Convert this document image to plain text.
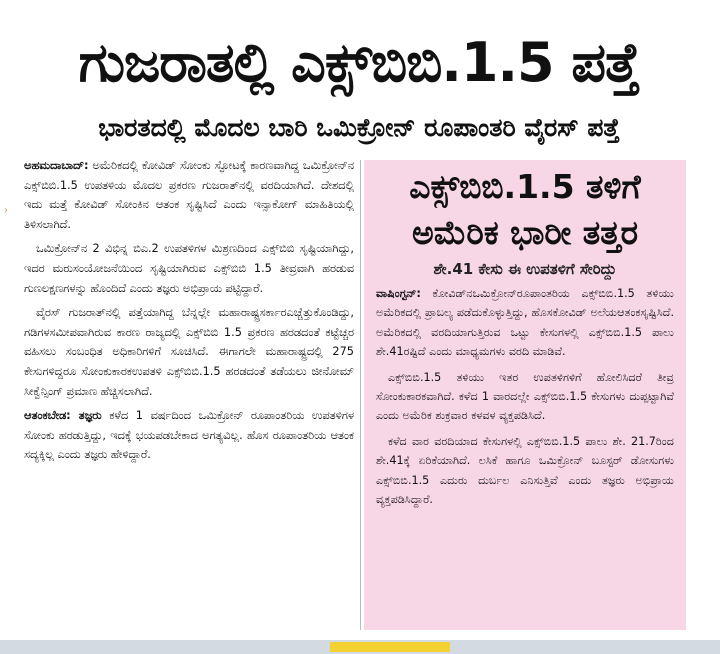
›
ಗುಜರಾತಲ್ಲಿ ಎಕ್ಸ್‌ಬಿಬಿ.1.5 ಪತ್ತೆ
ಭಾರತದಲ್ಲಿ ಮೊದಲ ಬಾರಿ ಒಮಿಕ್ರೋನ್ ರೂಪಾಂತರಿ ವೈರಸ್ ಪತ್ತೆ

ಅಹಮದಾಬಾದ್: ಅಮೆರಿಕದಲ್ಲಿ ಕೋವಿಡ್ ಸೋಂಕು ಸ್ಫೋಟಕ್ಕೆ ಕಾರಣವಾಗಿದ್ದ ಒಮಿಕ್ರೋನ್‌ನ ಎಕ್ಸ್‌ಬಿಬಿ.1.5 ಉಪತಳಿಯ ಮೊದಲ ಪ್ರಕರಣ ಗುಜರಾತ್‌ನಲ್ಲಿ ವರದಿಯಾಗಿದೆ. ದೇಶದಲ್ಲಿ ಇದು ಮತ್ತೆ ಕೋವಿಡ್ ಸೋಂಕಿನ ಆತಂಕ ಸೃಷ್ಟಿಸಿದೆ ಎಂದು ಇನ್ಸಾಕೋಗ್ ಮಾಹಿತಿಯಲ್ಲಿ ತಿಳಿಸಲಾಗಿದೆ.

ಒಮಿಕ್ರೋನ್‌ನ 2 ವಿಭಿನ್ನ ಬಿಎ.2 ಉಪತಳಿಗಳ ಮಿಶ್ರಣದಿಂದ ಎಕ್ಸ್‌ಬಿಬಿ ಸೃಷ್ಟಿಯಾಗಿದ್ದು, ಇದರ ಮರುಸಂಯೋಜನೆಯಿಂದ ಸೃಷ್ಟಿಯಾಗಿರುವ ಎಕ್ಸ್‌ಬಿಬಿ 1.5 ತೀವ್ರವಾಗಿ ಹರಡುವ ಗುಣಲಕ್ಷಣಗಳನ್ನು ಹೊಂದಿದೆ ಎಂದು ತಜ್ಞರು ಅಭಿಪ್ರಾಯ ಪಟ್ಟಿದ್ದಾರೆ.

ವೈರಸ್ ಗುಜರಾತ್‌ನಲ್ಲಿ ಪತ್ತೆಯಾಗಿದ್ದ ಬೆನ್ನಲ್ಲೇ ಮಹಾರಾಷ್ಟ್ರಸರ್ಕಾರಎಚ್ಚೆತ್ತುಕೊಂಡಿದ್ದು, ಗಡಿಗಳಸಮೀಪವಾಗಿರುವ ಕಾರಣ ರಾಜ್ಯದಲ್ಲಿ ಎಕ್ಸ್‌ಬಿಬಿ 1.5 ಪ್ರಕರಣ ಹರಡದಂತೆ ಕಟ್ಟೆಚ್ಚರ ವಹಿಸಲು ಸಂಬಂಧಿತ ಅಧಿಕಾರಿಗಳಿಗೆ ಸೂಚಿಸಿದೆ. ಈಗಾಗಲೇ ಮಹಾರಾಷ್ಟ್ರದಲ್ಲಿ 275 ಕೇಸುಗಳಿದ್ದರೂ ಸೋಂಕುಕಾರಕಉಪತಳಿ ಎಕ್ಸ್‌ಬಿಬಿ.1.5 ಹರಡದಂತೆ ತಡೆಯಲು ಜೀನೋಮ್ ಸೀಕ್ವೆನ್ಸಿಂಗ್ ಪ್ರಮಾಣ ಹೆಚ್ಚಿಸಲಾಗಿದೆ.

ಆತಂಕಬೇಡ: ತಜ್ಞರು ಕಳೆದ 1 ವರ್ಷದಿಂದ ಒಮಿಕ್ರೋನ್ ರೂಪಾಂತರಿಯ ಉಪತಳಿಗಳ ಸೋಂಕು ಹರಡುತ್ತಿದ್ದು, ಇದಕ್ಕೆ ಭಯಪಡಬೇಕಾದ ಅಗತ್ಯವಿಲ್ಲ. ಹೊಸ ರೂಪಾಂತರಿಯ ಆತಂಕ ಸದ್ಯಕ್ಕಿಲ್ಲ ಎಂದು ತಜ್ಞರು ಹೇಳಿದ್ದಾರೆ.

ಎಕ್ಸ್‌ಬಿಬಿ.1.5 ತಳಿಗೆ ಅಮೆರಿಕ ಭಾರೀ ತತ್ತರ
ಶೇ.41 ಕೇಸು ಈ ಉಪತಳಿಗೆ ಸೇರಿದ್ದು

ವಾಷಿಂಗ್ಟನ್: ಕೋವಿಡ್‌ನಒಮಿಕ್ರೋನ್‌ರೂಪಾಂತರಿಯ ಎಕ್ಸ್‌ಬಿಬಿ.1.5 ತಳಿಯು ಅಮೆರಿಕದಲ್ಲಿ ಪ್ರಾಬಲ್ಯ ಪಡೆದುಕೊಳ್ಳುತ್ತಿದ್ದು, ಹೊಸಕೋವಿಡ್ ಅಲೆಯಆತಂಕಸೃಷ್ಟಿಸಿದೆ. ಅಮೆರಿಕದಲ್ಲಿ ವರದಿಯಾಗುತ್ತಿರುವ ಒಟ್ಟು ಕೇಸುಗಳಲ್ಲಿ ಎಕ್ಸ್‌ಬಿಬಿ.1.5 ಪಾಲು ಶೇ.41ರಷ್ಟಿದೆ ಎಂದು ಮಾಧ್ಯಮಗಳು ವರದಿ ಮಾಡಿವೆ.

ಎಕ್ಸ್‌ಬಿಬಿ.1.5 ತಳಿಯು ಇತರ ಉಪತಳಿಗಳಿಗೆ ಹೋಲಿಸಿದರೆ ತೀವ್ರ ಸೋಂಕುಕಾರಕವಾಗಿದೆ. ಕಳೆದ 1 ವಾರದಲ್ಲೇ ಎಕ್ಸ್‌ಬಿಬಿ.1.5 ಕೇಸುಗಳು ದುಪ್ಪಟ್ಟಾಗಿವೆ ಎಂದು ಅಮೆರಿಕ ಶುಕ್ರವಾರ ಕಳವಳ ವ್ಯಕ್ತಪಡಿಸಿದೆ.

ಕಳೆದ ವಾರ ವರದಿಯಾದ ಕೇಸುಗಳಲ್ಲಿ ಎಕ್ಸ್‌ಬಿಬಿ.1.5 ಪಾಲು ಶೇ. 21.7ರಿಂದ ಶೇ.41ಕ್ಕೆ ಏರಿಕೆಯಾಗಿದೆ. ಲಸಿಕೆ ಹಾಗೂ ಒಮಿಕ್ರೋನ್ ಬೂಸ್ಟರ್ ಡೋಸುಗಳು ಎಕ್ಸ್‌ಬಿಬಿ.1.5 ಎದುರು ದುರ್ಬಲ ಎನಿಸುತ್ತಿವೆ ಎಂದು ತಜ್ಞರು ಅಭಿಪ್ರಾಯ ವ್ಯಕ್ತಪಡಿಸಿದ್ದಾರೆ.
